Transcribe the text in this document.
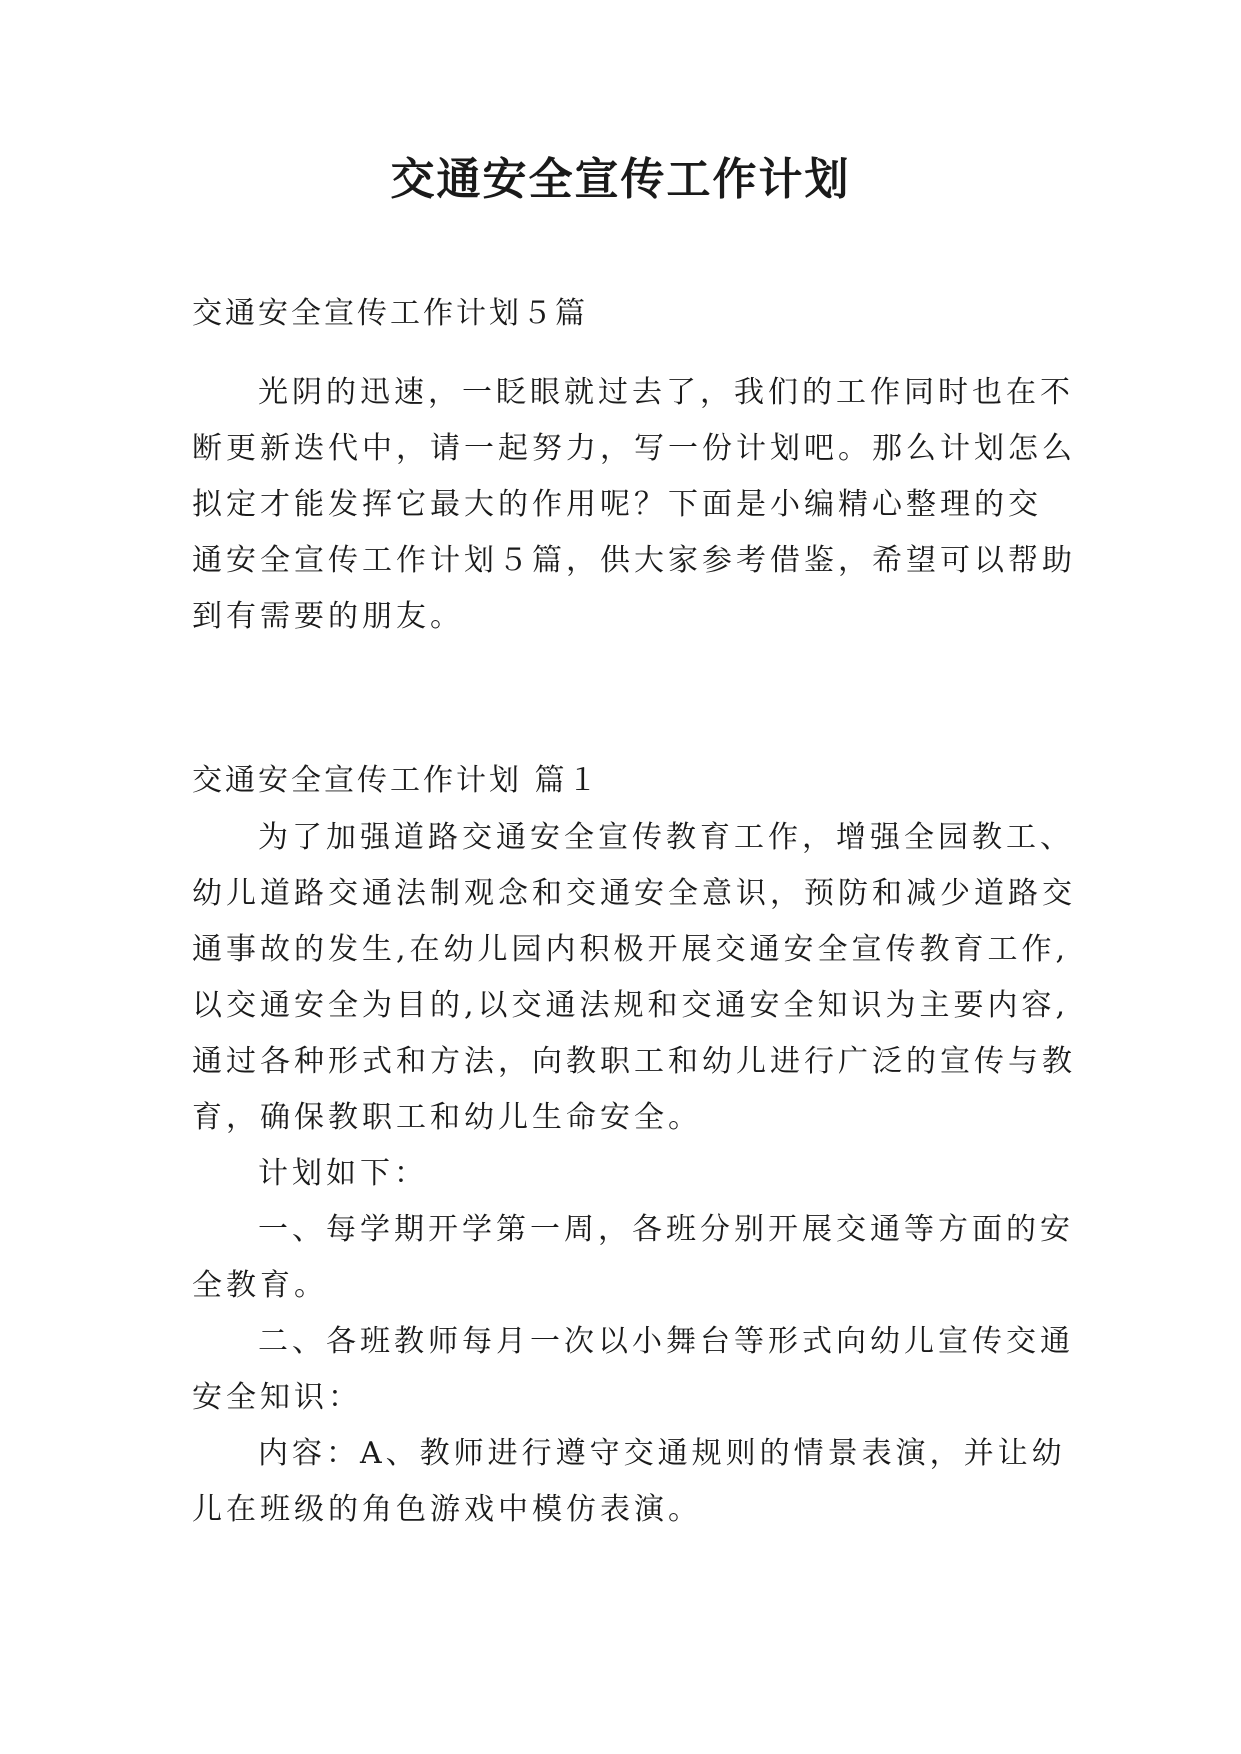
交通安全宣传工作计划

交通安全宣传工作计划５篇

光阴的迅速，一眨眼就过去了，我们的工作同时也在不
断更新迭代中，请一起努力，写一份计划吧。那么计划怎么
拟定才能发挥它最大的作用呢？下面是小编精心整理的交
通安全宣传工作计划５篇，供大家参考借鉴，希望可以帮助
到有需要的朋友。

交通安全宣传工作计划 篇１

为了加强道路交通安全宣传教育工作，增强全园教工、
幼儿道路交通法制观念和交通安全意识，预防和减少道路交
通事故的发生,在幼儿园内积极开展交通安全宣传教育工作,
以交通安全为目的,以交通法规和交通安全知识为主要内容,
通过各种形式和方法，向教职工和幼儿进行广泛的宣传与教
育，确保教职工和幼儿生命安全。

计划如下：

一、每学期开学第一周，各班分别开展交通等方面的安
全教育。

二、各班教师每月一次以小舞台等形式向幼儿宣传交通
安全知识：

内容：A、教师进行遵守交通规则的情景表演，并让幼
儿在班级的角色游戏中模仿表演。
